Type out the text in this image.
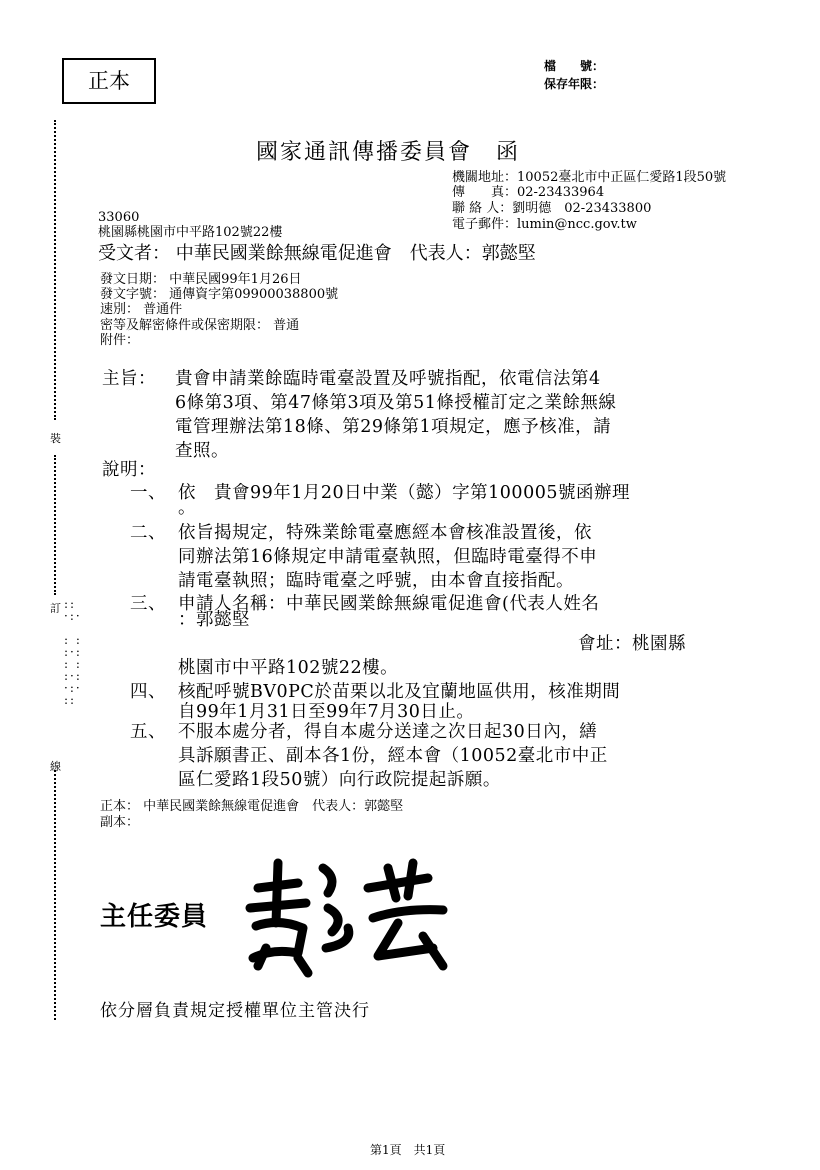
正本
檔　　號：
保存年限：
裝
訂
線
::
·:·

: :
:·:
: :
:·:
·:·
::
國家通訊傳播委員會　函
機關地址：10052臺北市中正區仁愛路1段50號
傳　　真：02-23433964
聯 絡 人：劉明德　02-23433800
電子郵件：lumin@ncc.gov.tw
33060
桃園縣桃園市中平路102號22樓
受文者： 中華民國業餘無線電促進會　代表人：郭懿堅
發文日期： 中華民國99年1月26日
發文字號： 通傳資字第09900038800號
速別： 普通件
密等及解密條件或保密期限： 普通
附件：
主旨： 貴會申請業餘臨時電臺設置及呼號指配，依電信法第4
6條第3項、第47條第3項及第51條授權訂定之業餘無線
電管理辦法第18條、第29條第1項規定，應予核准，請
查照。
說明：
一、 依　貴會99年1月20日中業（懿）字第100005號函辦理
。
二、 依旨揭規定，特殊業餘電臺應經本會核准設置後，依
同辦法第16條規定申請電臺執照，但臨時電臺得不申
請電臺執照；臨時電臺之呼號，由本會直接指配。
三、 申請人名稱：中華民國業餘無線電促進會(代表人姓名
：郭懿堅
會址：桃園縣
桃園市中平路102號22樓。
四、 核配呼號BV0PC於苗栗以北及宜蘭地區供用，核准期間
自99年1月31日至99年7月30日止。
五、 不服本處分者，得自本處分送達之次日起30日內，繕
具訴願書正、副本各1份，經本會（10052臺北市中正
區仁愛路1段50號）向行政院提起訴願。
正本： 中華民國業餘無線電促進會　代表人：郭懿堅
副本：
主任委員
依分層負責規定授權單位主管決行
第1頁　共1頁
